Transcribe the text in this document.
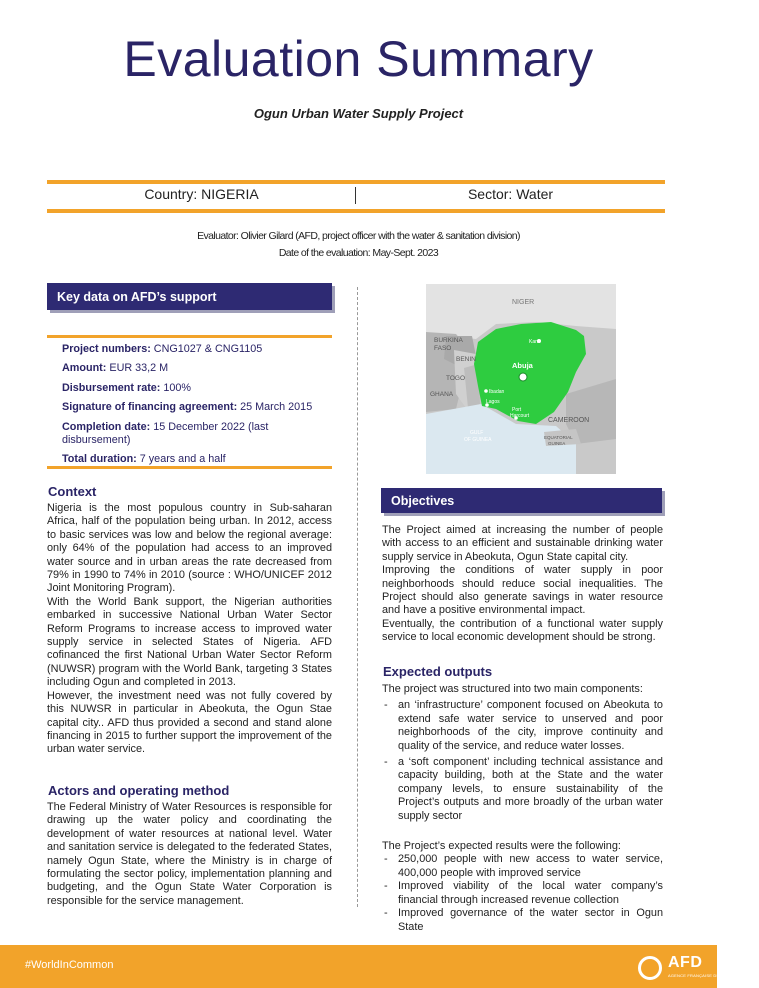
Evaluation Summary
Ogun Urban Water Supply Project
Country: NIGERIA	Sector: Water
Evaluator: Olivier Gilard (AFD, project officer with the water & sanitation division)
Date of the evaluation: May-Sept. 2023
Key data on AFD’s support
Project numbers: CNG1027 & CNG1105
Amount: EUR 33,2 M
Disbursement rate: 100%
Signature of financing agreement: 25 March 2015
Completion date: 15 December 2022 (last disbursement)
Total duration: 7 years and a half
NIGER
BURKINA
FASO
BENIN
TOGO
GHANA
Kano
Abuja
Ibadan
Lagos
Port
Harcourt
CAMEROON
GULF
OF GUINEA	EQUATORIAL
GUINEA
Context

Nigeria is the most populous country in Sub-saharan Africa, half of the population being urban. In 2012, access to basic services was low and below the regional average: only 64% of the population had access to an improved water source and in urban areas the rate decreased from 79% in 1990 to 74% in 2010 (source : WHO/UNICEF 2012 Joint Monitoring Program).

With the World Bank support, the Nigerian authorities embarked in successive National Urban Water Sector Reform Programs to increase access to improved water supply service in selected States of Nigeria. AFD cofinanced the first National Urban Water Sector Reform (NUWSR) program with the World Bank, targeting 3 States including Ogun and completed in 2013.

However, the investment need was not fully covered by this NUWSR in particular in Abeokuta, the Ogun Stae capital city.. AFD thus provided a second and stand alone financing in 2015 to further support the improvement of the urban water service.

Actors and operating method

The Federal Ministry of Water Resources is responsible for drawing up the water policy and coordinating the development of water resources at national level. Water and sanitation service is delegated to the federated States, namely Ogun State, where the Ministry is in charge of formulating the sector policy, implementation planning and budgeting, and the Ogun State Water Corporation is responsible for the service management.

Objectives

The Project aimed at increasing the number of people with access to an efficient and sustainable drinking water supply service in Abeokuta, Ogun State capital city.

Improving the conditions of water supply in poor neighborhoods should reduce social inequalities. The Project should also generate savings in water resource and have a positive environmental impact.

Eventually, the contribution of a functional water supply service to local economic development should be strong.

Expected outputs

The project was structured into two main components:

- an ‘infrastructure’ component focused on Abeokuta to extend safe water service to unserved and poor neighborhoods of the city, improve continuity and quality of the service, and reduce water losses.
- a ‘soft component’ including technical assistance and capacity building, both at the State and the water company levels, to ensure sustainability of the Project’s outputs and more broadly of the urban water supply sector

The Project’s expected results were the following:

- 250,000 people with new access to water service, 400,000 people with improved service
- Improved viability of the local water company’s financial through increased revenue collection
- Improved governance of the water sector in Ogun State
#WorldInCommon	AFD
AGENCE FRANÇAISE DE DÉVELOPPEMENT
